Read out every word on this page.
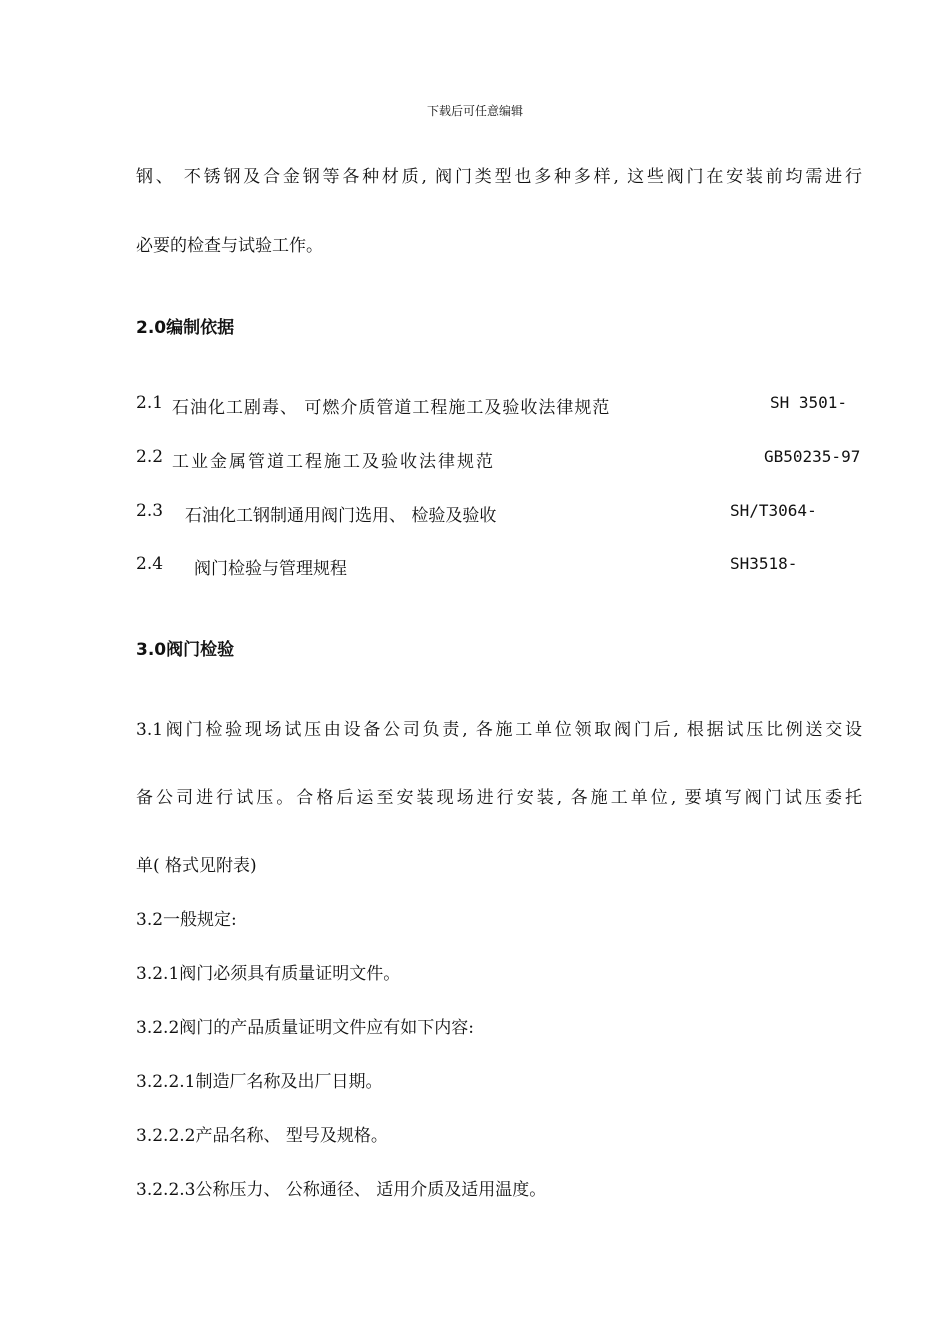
下载后可任意编辑
钢、 不锈钢及合金钢等各种材质, 阀门类型也多种多样, 这些阀门在安装前均需进行
必要的检查与试验工作。
2.0编制依据
2.1 石油化工剧毒、 可燃介质管道工程施工及验收法律规范	SH 3501-
2.2 工业金属管道工程施工及验收法律规范	GB50235-97
2.3 石油化工钢制通用阀门选用、 检验及验收	SH/T3064-
2.4 阀门检验与管理规程	SH3518-
3.0阀门检验
3.1阀门检验现场试压由设备公司负责, 各施工单位领取阀门后, 根据试压比例送交设
备公司进行试压。合格后运至安装现场进行安装, 各施工单位, 要填写阀门试压委托
单( 格式见附表)
3.2一般规定:
3.2.1阀门必须具有质量证明文件。
3.2.2阀门的产品质量证明文件应有如下内容:
3.2.2.1制造厂名称及出厂日期。
3.2.2.2产品名称、 型号及规格。
3.2.2.3公称压力、 公称通径、 适用介质及适用温度。
